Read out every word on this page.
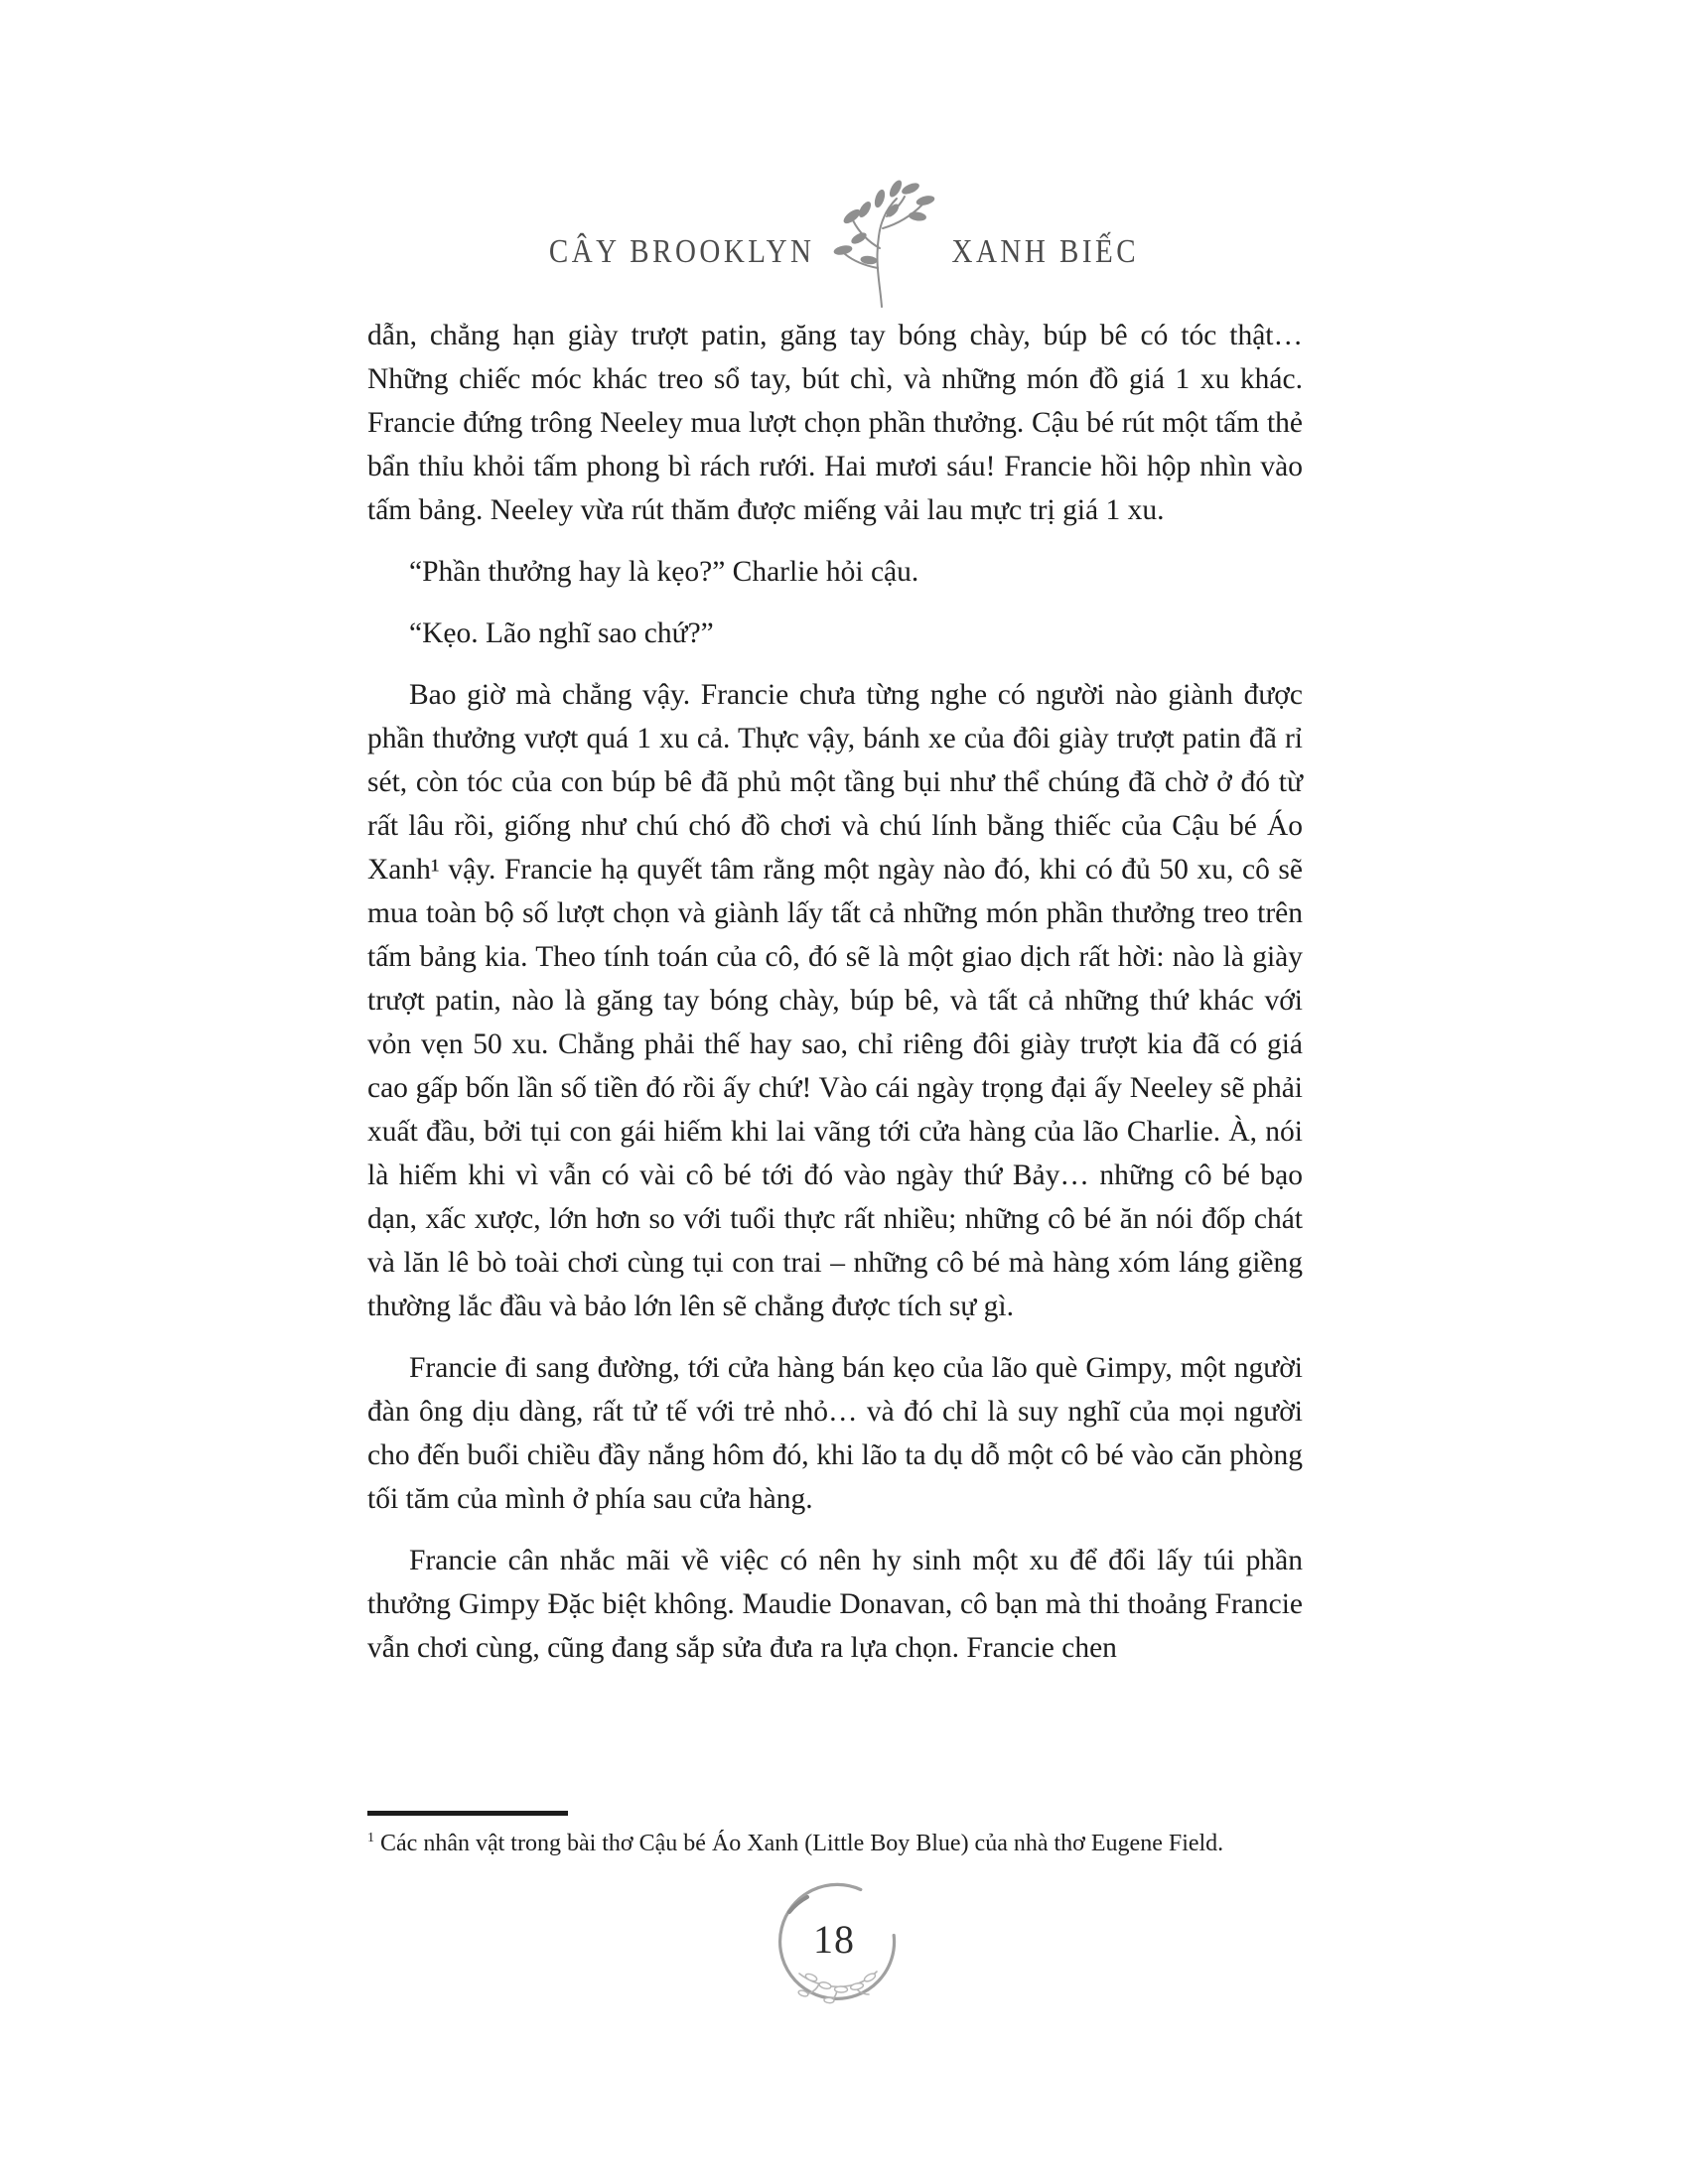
CÂY BROOKLYN	XANH BIẾC

dẫn, chẳng hạn giày trượt patin, găng tay bóng chày, búp bê có tóc thật… Những chiếc móc khác treo sổ tay, bút chì, và những món đồ giá 1 xu khác. Francie đứng trông Neeley mua lượt chọn phần thưởng. Cậu bé rút một tấm thẻ bẩn thỉu khỏi tấm phong bì rách rưới. Hai mươi sáu! Francie hồi hộp nhìn vào tấm bảng. Neeley vừa rút thăm được miếng vải lau mực trị giá 1 xu.

“Phần thưởng hay là kẹo?” Charlie hỏi cậu.

“Kẹo. Lão nghĩ sao chứ?”

Bao giờ mà chẳng vậy. Francie chưa từng nghe có người nào giành được phần thưởng vượt quá 1 xu cả. Thực vậy, bánh xe của đôi giày trượt patin đã rỉ sét, còn tóc của con búp bê đã phủ một tầng bụi như thể chúng đã chờ ở đó từ rất lâu rồi, giống như chú chó đồ chơi và chú lính bằng thiếc của Cậu bé Áo Xanh¹ vậy. Francie hạ quyết tâm rằng một ngày nào đó, khi có đủ 50 xu, cô sẽ mua toàn bộ số lượt chọn và giành lấy tất cả những món phần thưởng treo trên tấm bảng kia. Theo tính toán của cô, đó sẽ là một giao dịch rất hời: nào là giày trượt patin, nào là găng tay bóng chày, búp bê, và tất cả những thứ khác với vỏn vẹn 50 xu. Chẳng phải thế hay sao, chỉ riêng đôi giày trượt kia đã có giá cao gấp bốn lần số tiền đó rồi ấy chứ! Vào cái ngày trọng đại ấy Neeley sẽ phải xuất đầu, bởi tụi con gái hiếm khi lai vãng tới cửa hàng của lão Charlie. À, nói là hiếm khi vì vẫn có vài cô bé tới đó vào ngày thứ Bảy… những cô bé bạo dạn, xấc xược, lớn hơn so với tuổi thực rất nhiều; những cô bé ăn nói đốp chát và lăn lê bò toài chơi cùng tụi con trai – những cô bé mà hàng xóm láng giềng thường lắc đầu và bảo lớn lên sẽ chẳng được tích sự gì.

Francie đi sang đường, tới cửa hàng bán kẹo của lão què Gimpy, một người đàn ông dịu dàng, rất tử tế với trẻ nhỏ… và đó chỉ là suy nghĩ của mọi người cho đến buổi chiều đầy nắng hôm đó, khi lão ta dụ dỗ một cô bé vào căn phòng tối tăm của mình ở phía sau cửa hàng.

Francie cân nhắc mãi về việc có nên hy sinh một xu để đổi lấy túi phần thưởng Gimpy Đặc biệt không. Maudie Donavan, cô bạn mà thi thoảng Francie vẫn chơi cùng, cũng đang sắp sửa đưa ra lựa chọn. Francie chen

$^1$ Các nhân vật trong bài thơ Cậu bé Áo Xanh (Little Boy Blue) của nhà thơ Eugene Field.

18
